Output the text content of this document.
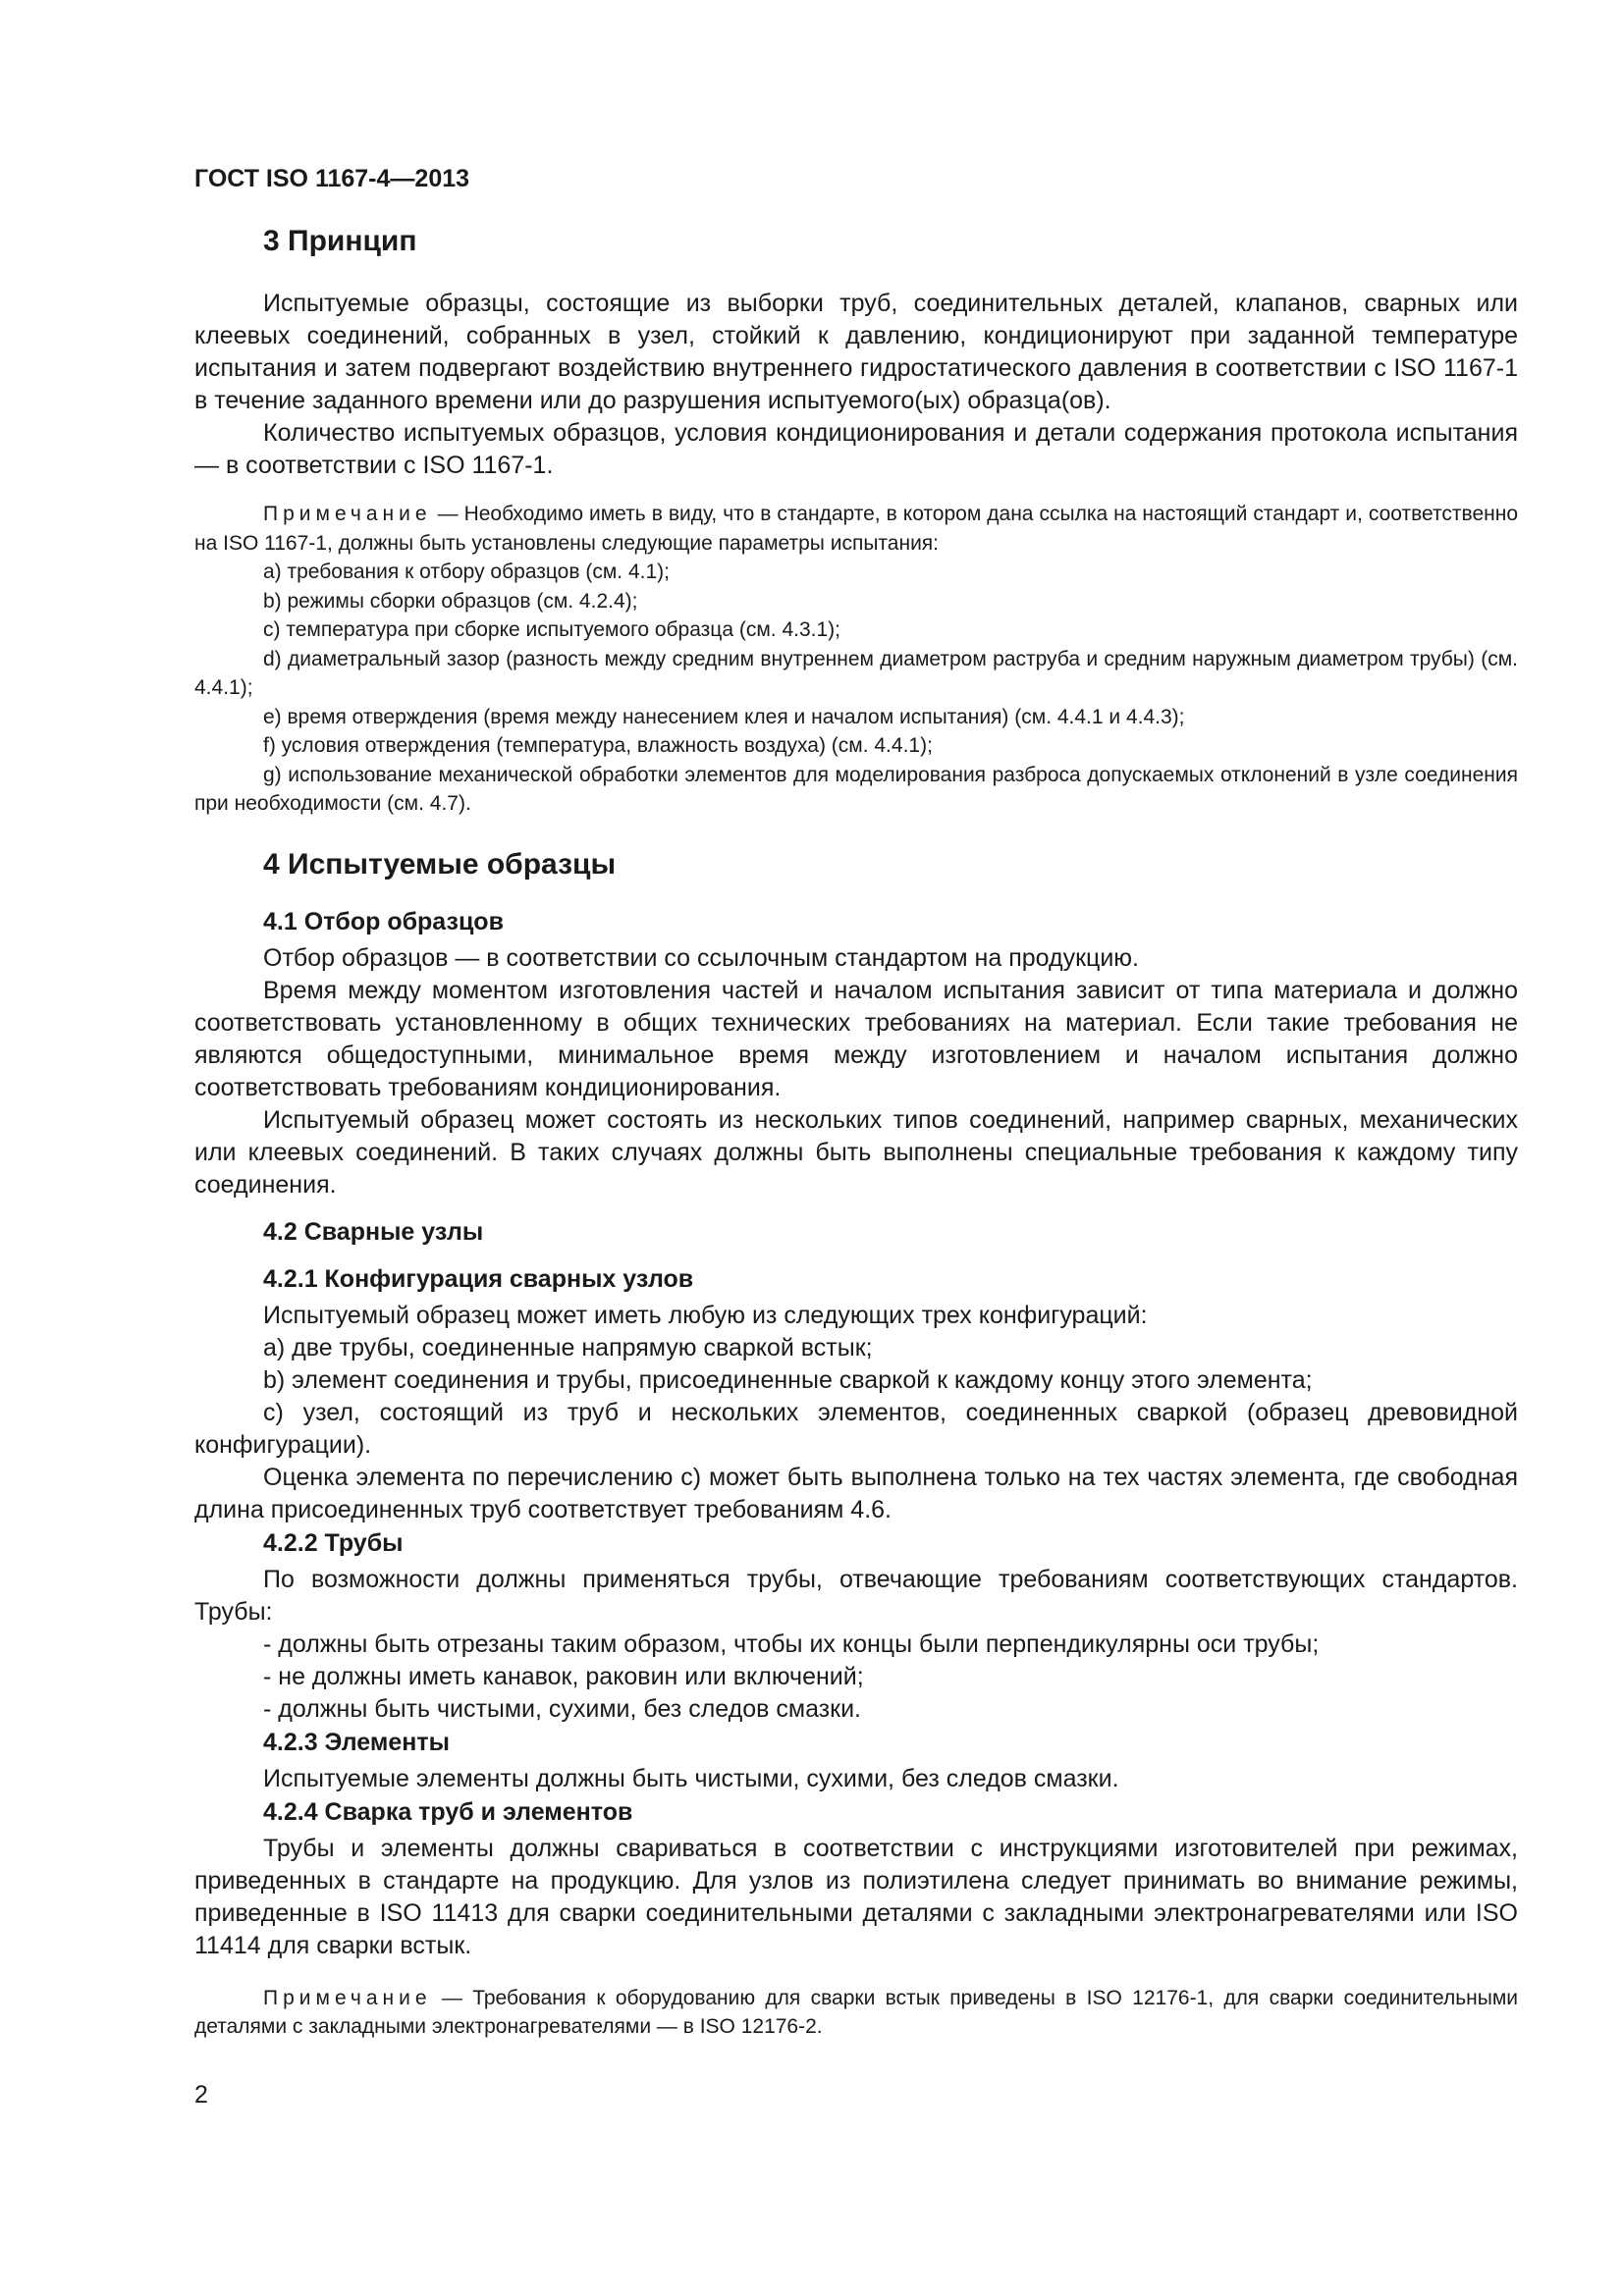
ГОСТ ISO 1167-4—2013
3 Принцип

Испытуемые образцы, состоящие из выборки труб, соединительных деталей, клапанов, сварных или клеевых соединений, собранных в узел, стойкий к давлению, кондиционируют при заданной температуре испытания и затем подвергают воздействию внутреннего гидростатического давления в соответствии с ISO 1167-1 в течение заданного времени или до разрушения испытуемого(ых) образца(ов).

Количество испытуемых образцов, условия кондиционирования и детали содержания протокола испытания — в соответствии с ISO 1167-1.

Примечание — Необходимо иметь в виду, что в стандарте, в котором дана ссылка на настоящий стандарт и, соответственно на ISO 1167-1, должны быть установлены следующие параметры испытания:

a) требования к отбору образцов (см. 4.1);

b) режимы сборки образцов (см. 4.2.4);

c) температура при сборке испытуемого образца (см. 4.3.1);

d) диаметральный зазор (разность между средним внутреннем диаметром раструба и средним наружным диаметром трубы) (см. 4.4.1);

e) время отверждения (время между нанесением клея и началом испытания) (см. 4.4.1 и 4.4.3);

f) условия отверждения (температура, влажность воздуха) (см. 4.4.1);

g) использование механической обработки элементов для моделирования разброса допускаемых отклонений в узле соединения при необходимости (см. 4.7).

4 Испытуемые образцы
4.1 Отбор образцов

Отбор образцов — в соответствии со ссылочным стандартом на продукцию.

Время между моментом изготовления частей и началом испытания зависит от типа материала и должно соответствовать установленному в общих технических требованиях на материал. Если такие требования не являются общедоступными, минимальное время между изготовлением и началом испытания должно соответствовать требованиям кондиционирования.

Испытуемый образец может состоять из нескольких типов соединений, например сварных, механических или клеевых соединений. В таких случаях должны быть выполнены специальные требования к каждому типу соединения.

4.2 Сварные узлы
4.2.1 Конфигурация сварных узлов

Испытуемый образец может иметь любую из следующих трех конфигураций:

a) две трубы, соединенные напрямую сваркой встык;

b) элемент соединения и трубы, присоединенные сваркой к каждому концу этого элемента;

c) узел, состоящий из труб и нескольких элементов, соединенных сваркой (образец древовидной конфигурации).

Оценка элемента по перечислению с) может быть выполнена только на тех частях элемента, где свободная длина присоединенных труб соответствует требованиям 4.6.

4.2.2 Трубы

По возможности должны применяться трубы, отвечающие требованиям соответствующих стандартов. Трубы:

- должны быть отрезаны таким образом, чтобы их концы были перпендикулярны оси трубы;

- не должны иметь канавок, раковин или включений;

- должны быть чистыми, сухими, без следов смазки.

4.2.3 Элементы

Испытуемые элементы должны быть чистыми, сухими, без следов смазки.

4.2.4 Сварка труб и элементов

Трубы и элементы должны свариваться в соответствии с инструкциями изготовителей при режимах, приведенных в стандарте на продукцию. Для узлов из полиэтилена следует принимать во внимание режимы, приведенные в ISO 11413 для сварки соединительными деталями с закладными электронагревателями или ISO 11414 для сварки встык.

Примечание — Требования к оборудованию для сварки встык приведены в ISO 12176-1, для сварки соединительными деталями с закладными электронагревателями — в ISO 12176-2.

2
